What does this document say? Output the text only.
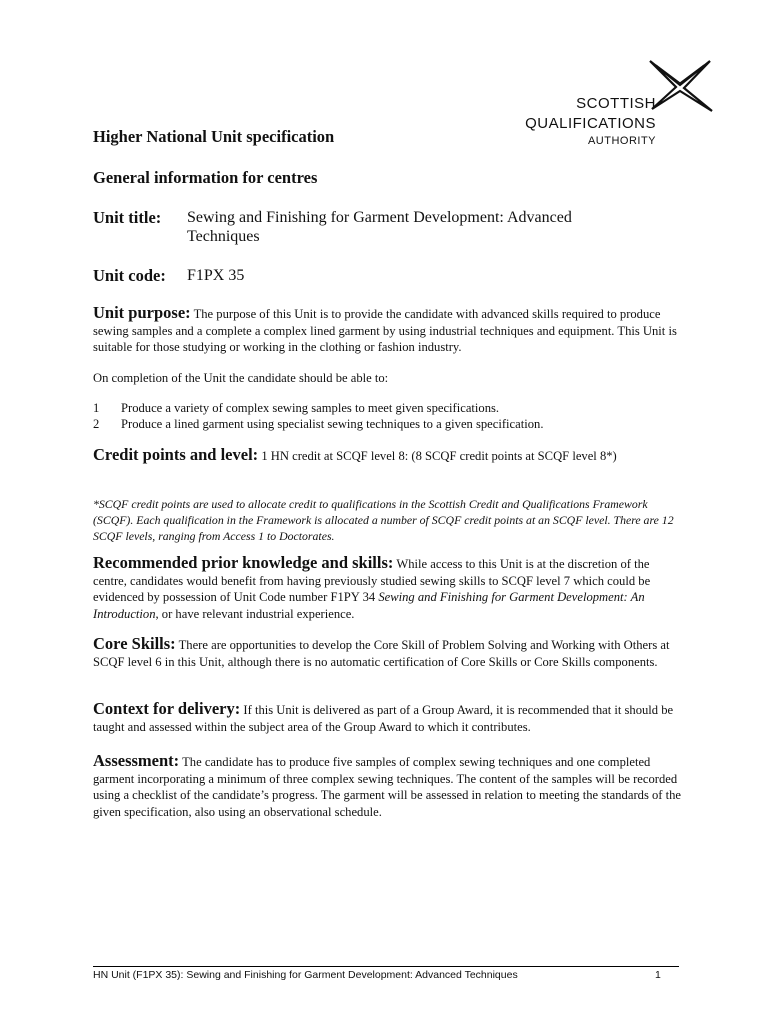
SCOTTISH
QUALIFICATIONS
AUTHORITY
Higher National Unit specification
General information for centres
Unit title: Sewing and Finishing for Garment Development: Advanced Techniques
Unit code: F1PX 35
Unit purpose: The purpose of this Unit is to provide the candidate with advanced skills required to produce sewing samples and a complete a complex lined garment by using industrial techniques and equipment. This Unit is suitable for those studying or working in the clothing or fashion industry.
On completion of the Unit the candidate should be able to:
1	Produce a variety of complex sewing samples to meet given specifications.
2	Produce a lined garment using specialist sewing techniques to a given specification.
Credit points and level: 1 HN credit at SCQF level 8: (8 SCQF credit points at SCQF level 8*)
*SCQF credit points are used to allocate credit to qualifications in the Scottish Credit and Qualifications Framework (SCQF). Each qualification in the Framework is allocated a number of SCQF credit points at an SCQF level. There are 12 SCQF levels, ranging from Access 1 to Doctorates.
Recommended prior knowledge and skills: While access to this Unit is at the discretion of the centre, candidates would benefit from having previously studied sewing skills to SCQF level 7 which could be evidenced by possession of Unit Code number F1PY 34 Sewing and Finishing for Garment Development: An Introduction, or have relevant industrial experience.
Core Skills: There are opportunities to develop the Core Skill of Problem Solving and Working with Others at SCQF level 6 in this Unit, although there is no automatic certification of Core Skills or Core Skills components.
Context for delivery: If this Unit is delivered as part of a Group Award, it is recommended that it should be taught and assessed within the subject area of the Group Award to which it contributes.
Assessment: The candidate has to produce five samples of complex sewing techniques and one completed garment incorporating a minimum of three complex sewing techniques. The content of the samples will be recorded using a checklist of the candidate’s progress. The garment will be assessed in relation to meeting the standards of the given specification, also using an observational schedule.
HN Unit (F1PX 35): Sewing and Finishing for Garment Development: Advanced Techniques	1
